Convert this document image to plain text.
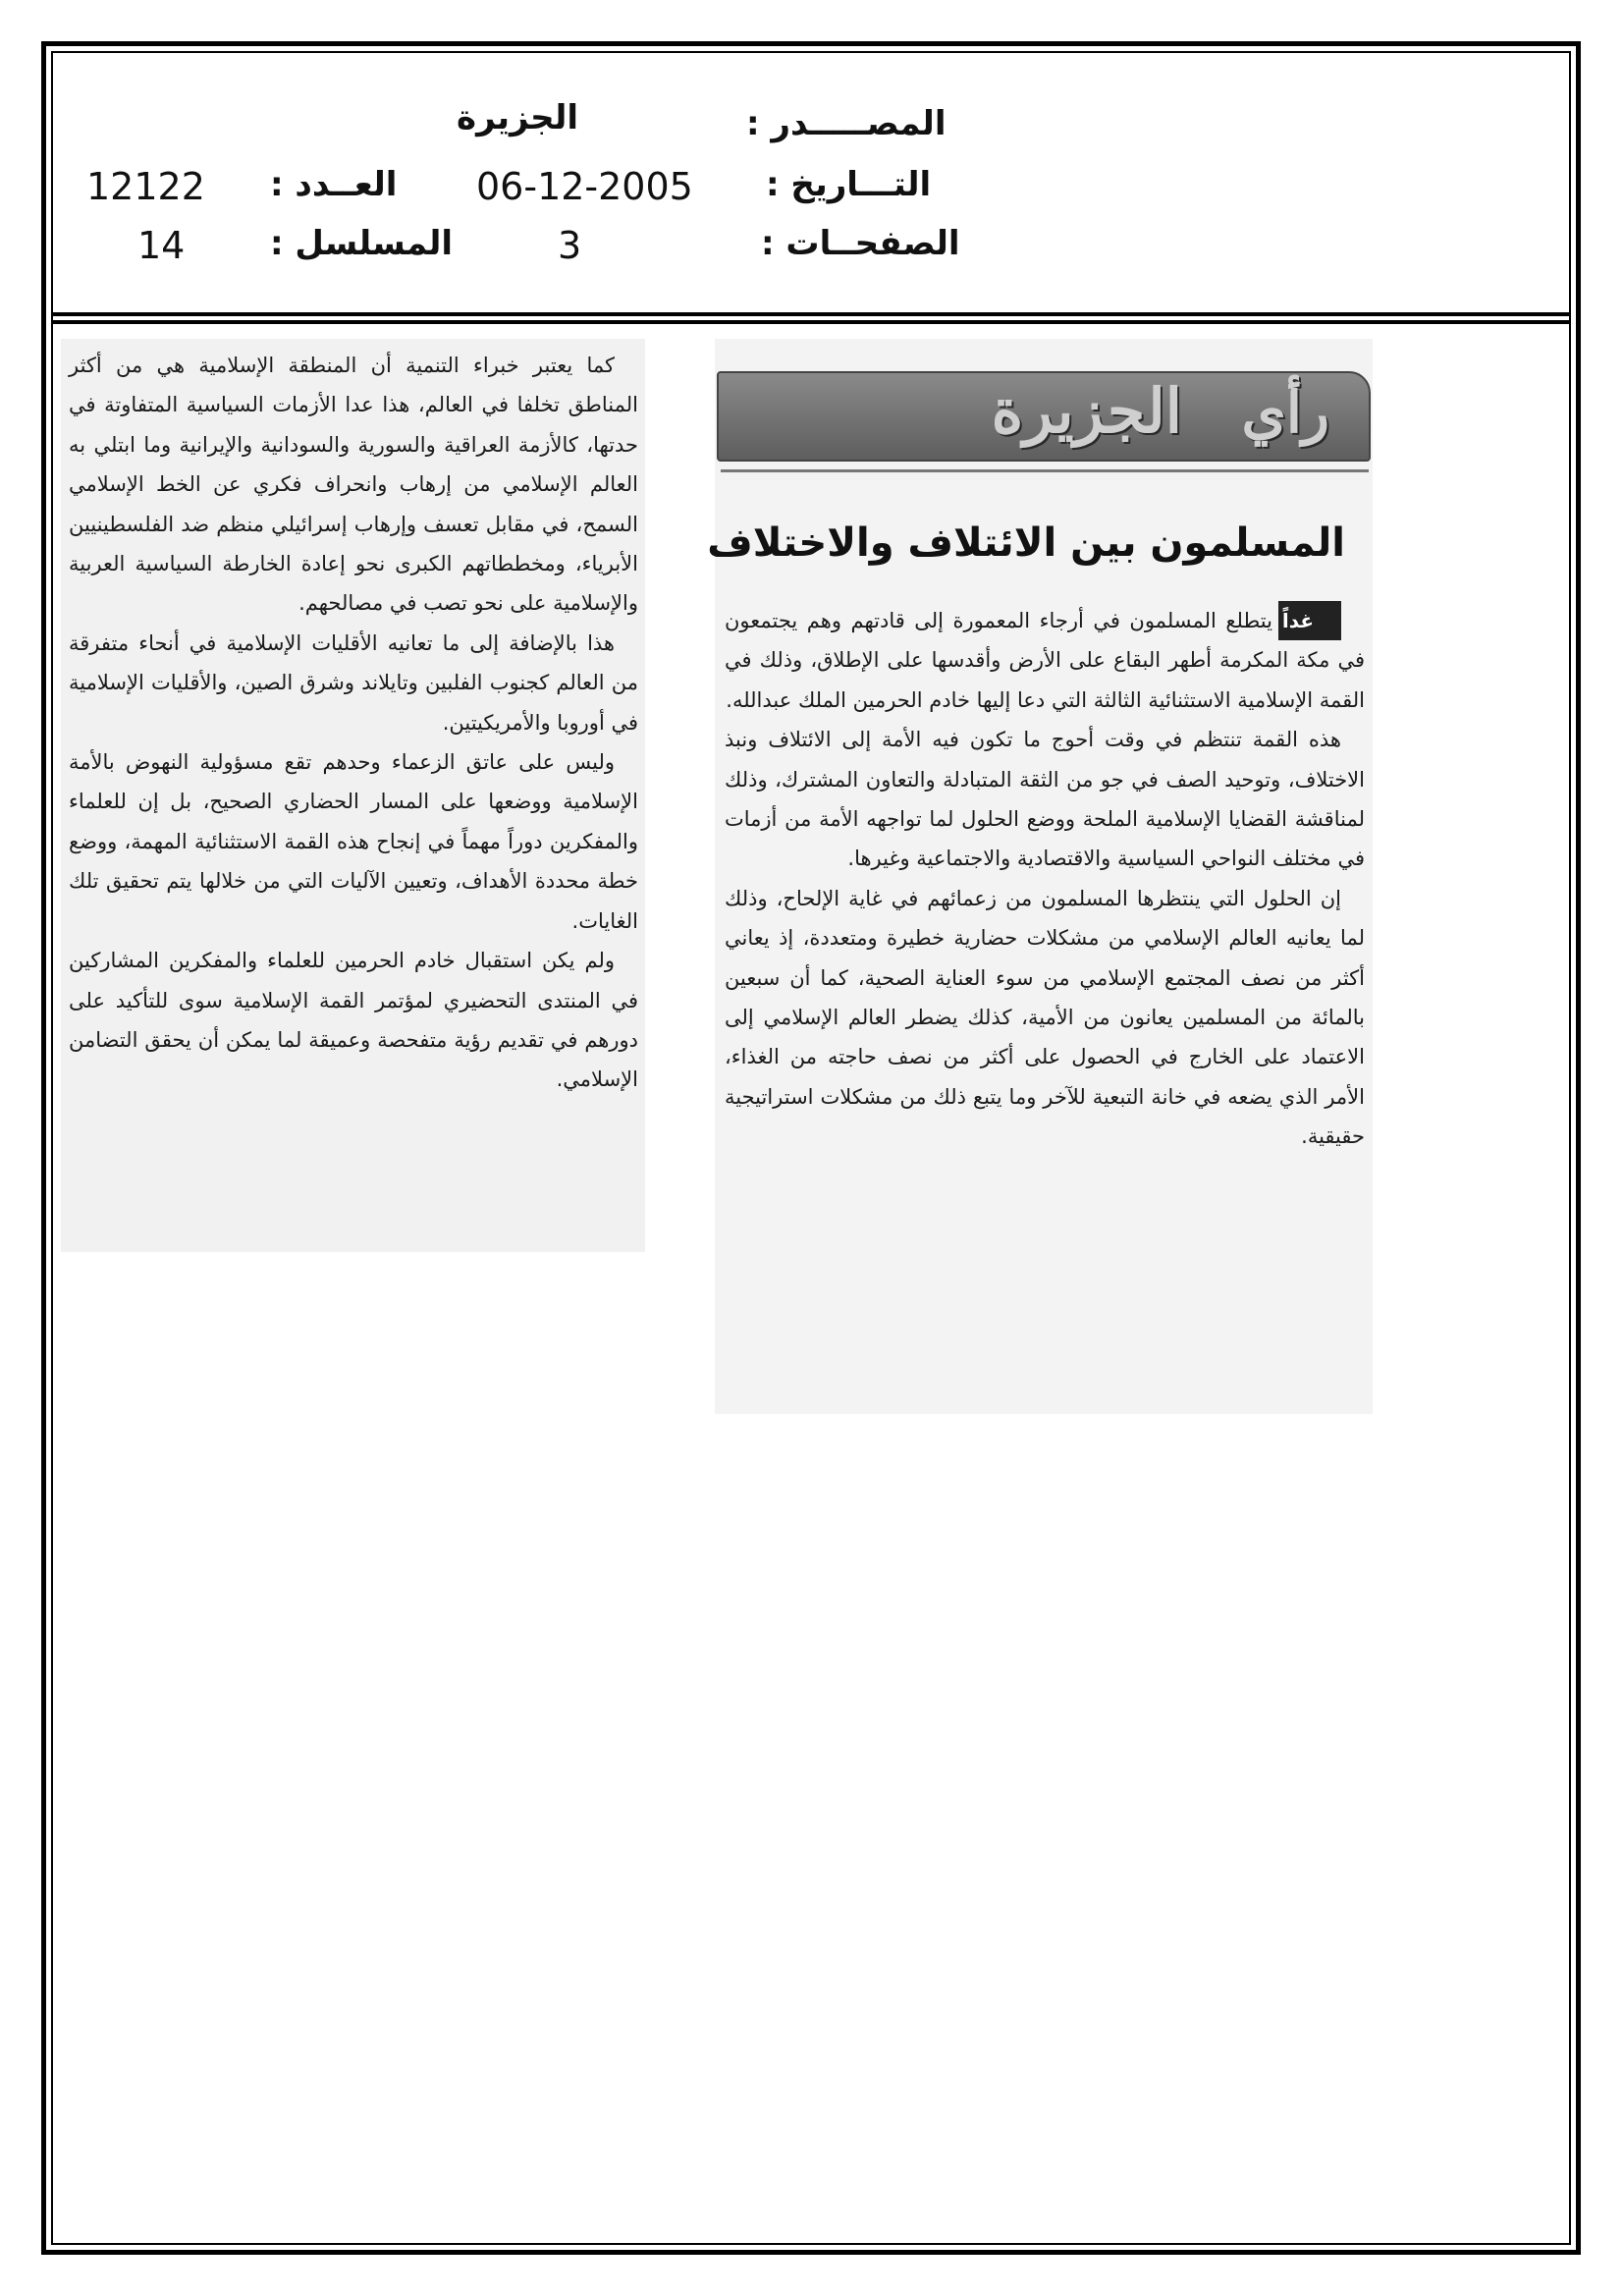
المصـــــدر :
الجزيرة
التـــاريخ :
06-12-2005
العــدد :
12122
الصفحــات :
3
المسلسل :
14
رأي
الجزيرة
المسلمون بين الائتلاف والاختلاف

غداًيتطلع المسلمون في أرجاء المعمورة إلى قادتهم وهم يجتمعون في مكة المكرمة أطهر البقاع على الأرض وأقدسها على الإطلاق، وذلك في القمة الإسلامية الاستثنائية الثالثة التي دعا إليها خادم الحرمين الملك عبدالله.

هذه القمة تنتظم في وقت أحوج ما تكون فيه الأمة إلى الائتلاف ونبذ الاختلاف، وتوحيد الصف في جو من الثقة المتبادلة والتعاون المشترك، وذلك لمناقشة القضايا الإسلامية الملحة ووضع الحلول لما تواجهه الأمة من أزمات في مختلف النواحي السياسية والاقتصادية والاجتماعية وغيرها.

إن الحلول التي ينتظرها المسلمون من زعمائهم في غاية الإلحاح، وذلك لما يعانيه العالم الإسلامي من مشكلات حضارية خطيرة ومتعددة، إذ يعاني أكثر من نصف المجتمع الإسلامي من سوء العناية الصحية، كما أن سبعين بالمائة من المسلمين يعانون من الأمية، كذلك يضطر العالم الإسلامي إلى الاعتماد على الخارج في الحصول على أكثر من نصف حاجته من الغذاء، الأمر الذي يضعه في خانة التبعية للآخر وما يتبع ذلك من مشكلات استراتيجية حقيقية.

كما يعتبر خبراء التنمية أن المنطقة الإسلامية هي من أكثر المناطق تخلفا في العالم، هذا عدا الأزمات السياسية المتفاوتة في حدتها، كالأزمة العراقية والسورية والسودانية والإيرانية وما ابتلي به العالم الإسلامي من إرهاب وانحراف فكري عن الخط الإسلامي السمح، في مقابل تعسف وإرهاب إسرائيلي منظم ضد الفلسطينيين الأبرياء، ومخططاتهم الكبرى نحو إعادة الخارطة السياسية العربية والإسلامية على نحو تصب في مصالحهم.

هذا بالإضافة إلى ما تعانيه الأقليات الإسلامية في أنحاء متفرقة من العالم كجنوب الفلبين وتايلاند وشرق الصين، والأقليات الإسلامية في أوروبا والأمريكيتين.

وليس على عاتق الزعماء وحدهم تقع مسؤولية النهوض بالأمة الإسلامية ووضعها على المسار الحضاري الصحيح، بل إن للعلماء والمفكرين دوراً مهماً في إنجاح هذه القمة الاستثنائية المهمة، ووضع خطة محددة الأهداف، وتعيين الآليات التي من خلالها يتم تحقيق تلك الغايات.

ولم يكن استقبال خادم الحرمين للعلماء والمفكرين المشاركين في المنتدى التحضيري لمؤتمر القمة الإسلامية سوى للتأكيد على دورهم في تقديم رؤية متفحصة وعميقة لما يمكن أن يحقق التضامن الإسلامي.
